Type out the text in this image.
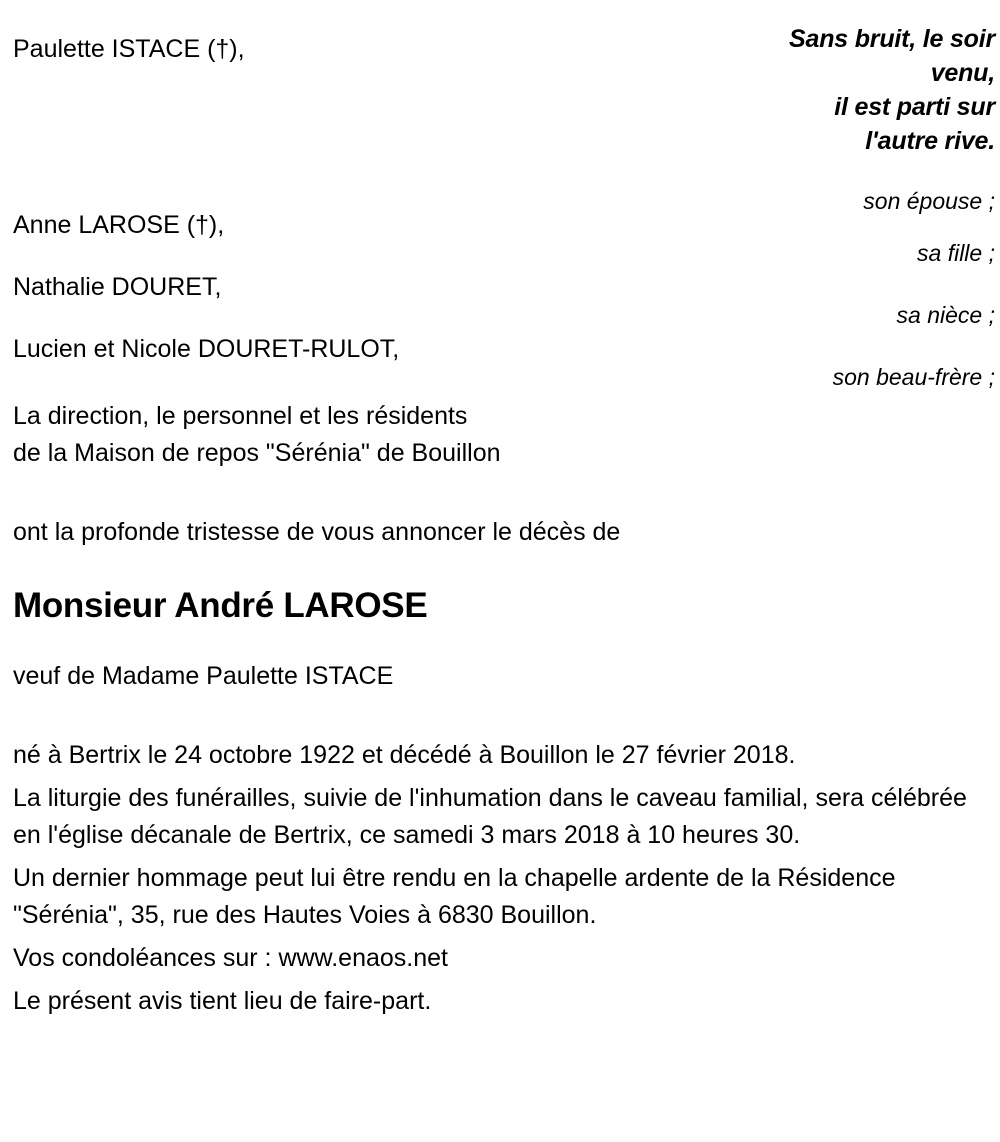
Sans bruit, le soir
venu,
il est parti sur
l'autre rive.
Paulette ISTACE (†),
son épouse ;
Anne LAROSE (†),
sa fille ;
Nathalie DOURET,
sa nièce ;
Lucien et Nicole DOURET-RULOT,
son beau-frère ;
La direction, le personnel et les résidents
de la Maison de repos "Sérénia" de Bouillon

ont la profonde tristesse de vous annoncer le décès de

Monsieur André LAROSE

veuf de Madame Paulette ISTACE

né à Bertrix le 24 octobre 1922 et décédé à Bouillon le 27 février 2018.

La liturgie des funérailles, suivie de l'inhumation dans le caveau familial, sera célébrée en l'église décanale de Bertrix, ce samedi 3 mars 2018 à 10 heures 30.

Un dernier hommage peut lui être rendu en la chapelle ardente de la Résidence "Sérénia", 35, rue des Hautes Voies à 6830 Bouillon.

Vos condoléances sur : www.enaos.net

Le présent avis tient lieu de faire-part.
